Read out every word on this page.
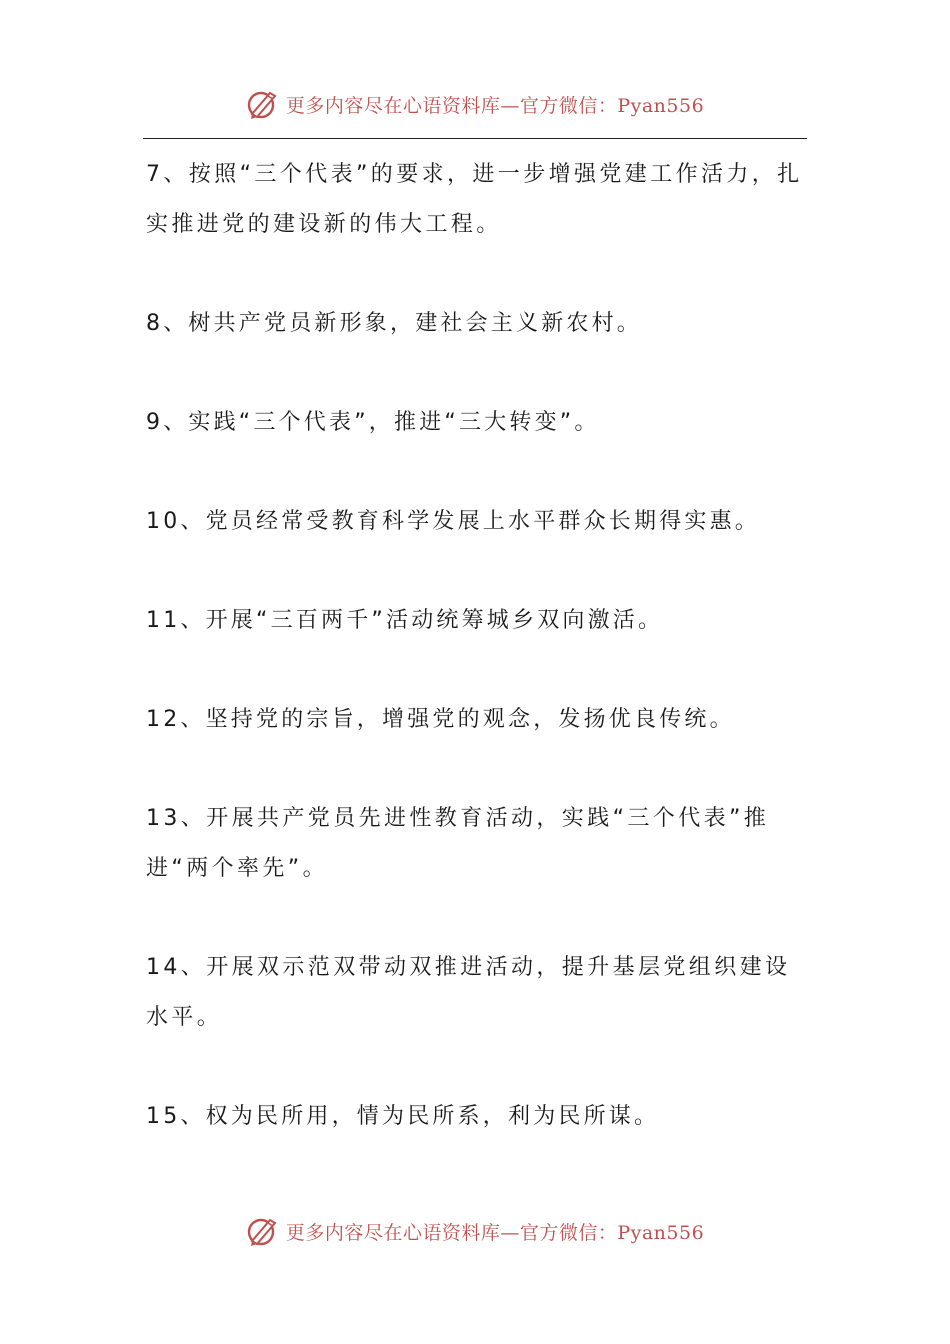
更多内容尽在心语资料库—官方微信：Pyan556

7、按照“三个代表”的要求，进一步增强党建工作活力，扎实推进党的建设新的伟大工程。

8、树共产党员新形象，建社会主义新农村。

9、实践“三个代表”，推进“三大转变”。

10、党员经常受教育科学发展上水平群众长期得实惠。

11、开展“三百两千”活动统筹城乡双向激活。

12、坚持党的宗旨，增强党的观念，发扬优良传统。

13、开展共产党员先进性教育活动，实践“三个代表”推进“两个率先”。

14、开展双示范双带动双推进活动，提升基层党组织建设水平。

15、权为民所用，情为民所系，利为民所谋。

更多内容尽在心语资料库—官方微信：Pyan556
